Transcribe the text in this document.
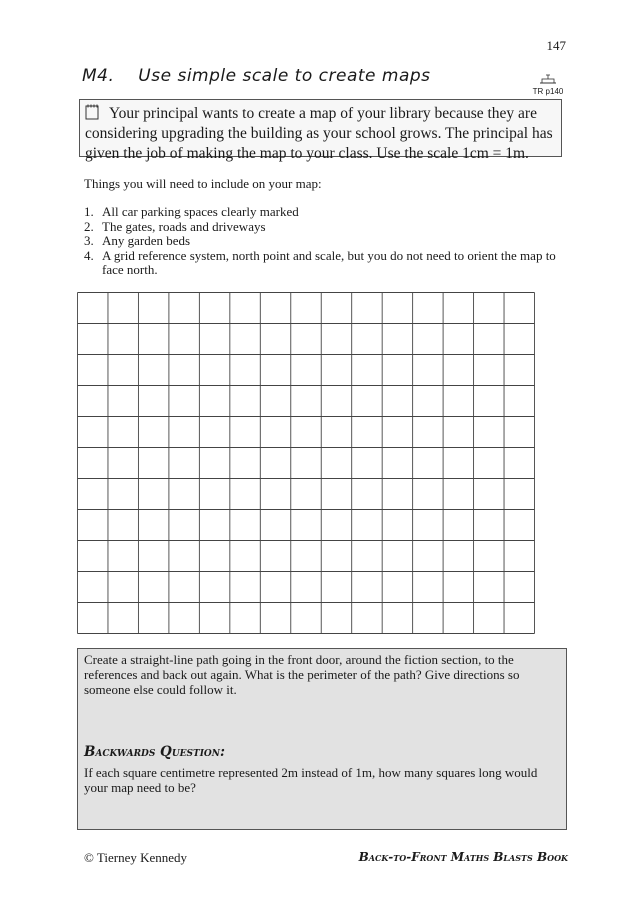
147
M4. Use simple scale to create maps
TR p140
Your principal wants to create a map of your library because they are considering upgrading the building as your school grows. The principal has given the job of making the map to your class. Use the scale 1cm = 1m.
Things you will need to include on your map:
1. All car parking spaces clearly marked
2. The gates, roads and driveways
3. Any garden beds
4. A grid reference system, north point and scale, but you do not need to orient the map to face north.

Create a straight-line path going in the front door, around the fiction section, to the references and back out again. What is the perimeter of the path? Give directions so someone else could follow it.

Backwards Question:
If each square centimetre represented 2m instead of 1m, how many squares long would your map need to be?
© Tierney Kennedy	Back-to-Front Maths Blasts Book
